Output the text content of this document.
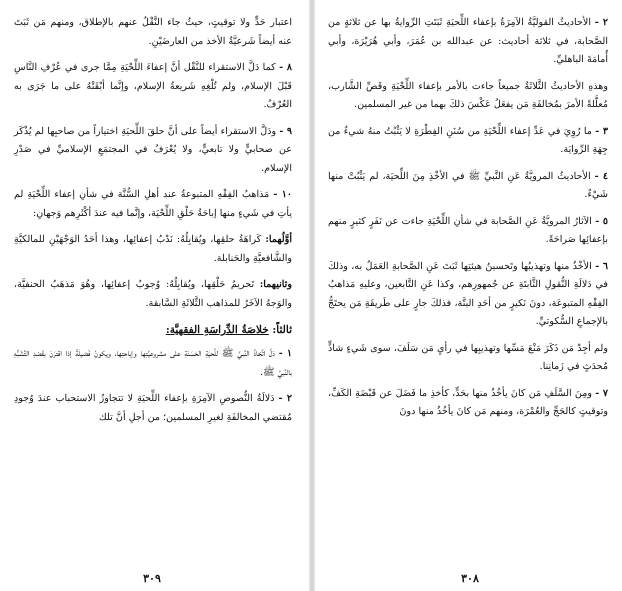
اعتبار حَدٍّ ولا توقيتٍ، حيثُ جاء النَّقْلُ عنهم بالإطلاق، ومنهم مَن ثَبَتَ عنه أيضاً شَرعيَّةُ الأخذ من العارضَيْنِ.

٨ - كما دَلَّ الاستقراء للنَّقْل أنَّ إعفاءَ اللِّحْيَةِ مِمَّا جرى في عُرْفِ النَّاسِ قَبْلَ الإسلام، ولم تُلْغِهِ شَريعةُ الإسلام، وإنَّما أبْقَتْهُ على ما جَرَى به العُرْفُ.

٩ - ودَلَّ الاستقراء أيضاً على أنَّ حلقَ اللِّحيَةِ اختياراً من صاحبِها لم يُذْكَر عن صحابيٍّ ولا تابعيٍّ، ولا يُعْرَفُ في المجتمَعِ الإسلاميِّ في صَدْرِ الإسلام.

١٠ - مَذاهبُ الفِقْهِ المتبوعةُ عند أهلِ السُّنَّة في شأنِ إعفاء اللِّحْيَةِ لم يأتِ في شَيءٍ منها إباحَةُ حَلْقِ اللِّحْيَة، وإنَّما فيه عندَ أكْثَرِهم وَجهانِ:

أوَّلُهما: كَراهَةُ حلقِها، ويُقابِلُهُ: نَدْبُ إعفائِها، وهذا أحَدُ الوَجْهَيْنِ للمالكيَّةِ والشَّافعيَّةِ والحَنابلة.

وثانيهما: تَحريمُ حَلْقِها، ويُقابِلُهُ: وُجوبُ إعفائِها، وهُوَ مَذهَبُ الحنفيَّة، والوَجهُ الآخَرُ للمذاهب الثَّلاثَةِ السَّابقة.

ثالثاً: خلاصَةُ الدِّراسَةِ الفقهيَّة:

١ - دَلَّ اتِّخاذُ النَّبيِّ ﷺ للِّحيَةِ الحَسَنَةِ على مشروعيَّتِها وإباحتِها، ويكونُ فَضيلَةً إذا اقترَنَ بقَصْدِ التَّشَبُّهِ بالنَّبيِّ ﷺ.

٢ - دَلالَةُ النُّصوصِ الآمِرَةِ بإعفاء اللِّحيَةِ لا تتجاوزُ الاستحباب عندَ وُجودِ مُقتضي المخالفَةِ لغيرِ المسلمين؛ من أجلِ أنَّ تلك

٣٠٩

٢ - الأحاديثُ القوليَّةُ الآمِرَةُ بإعفاء اللِّحيَةِ ثَبَتَتِ الرِّوايةُ بها عن ثلاثةٍ من الصَّحابة، في ثلاثة أحاديث: عن عبدالله بن عُمَرَ، وأبي هُرَيْرَة، وأبي أُمامَةَ الباهليِّ.

وهذهِ الأحاديثُ الثَّلاثَةُ جميعاً جاءت بالأمر بإعفاء اللِّحْيَةِ وقَصِّ الشَّارب، مُعلَّلةً الأمرَ بمُخالفَةِ مَن يفعَلُ عَكْسَ ذلكَ بهما من غير المسلمين.

٣ - ما رُوِيَ في عَدِّ إعفاء اللِّحْيَةِ من سُنَنِ الفِطْرَةِ لا يَثْبُتُ منهُ شيءٌ من جِهَةِ الرِّوايَة.

٤ - الأحاديثُ المرويَّةُ عَنِ النَّبيِّ ﷺ في الأخْذِ مِنَ اللِّحيَة، لم يَثْبُتْ منها شَيْءٌ.

٥ - الآثارُ المرويَّةُ عَنِ الصَّحابة في شأنِ اللِّحْيَةِ جاءت عن نَفَرٍ كثيرٍ منهم بإعفائِها صَراحَةً.

٦ - الأخْذُ منها وتهذيبُها وتَحسينُ هيئتِها ثَبَتَ عَنِ الصَّحابةِ العَمَلُ به، وذلكَ في دَلالَةِ النُّقولِ الثَّابتَةِ عن جُمهورِهم، وكذا عَنِ التَّابعين، وعليهِ مَذاهبُ الفِقْهِ المتبوعَة، دونَ نَكيرٍ من أحَدِ البتَّة، فذلكَ جارٍ على طَريقَةِ مَن يحتَجُّ بالإجماعِ السُّكوتيِّ.

ولم أجِدْ مَن ذَكَرَ مَنْعَ مَسِّها وتهذيبِها في رأيِ مَن سَلَفَ، سوى شَيءٍ شاذٍّ مُحدَثٍ في زَمانِنا.

٧ - ومِنَ السَّلَفِ مَن كانَ يأخُذُ منها بحَدٍّ، كأخذِ ما فَضَلَ عن قَبْضَةِ الكَفِّ، وتوقيتٍ كالحَجِّ والعُمْرَة، ومنهم مَن كانَ يأخُذُ منها دونَ

٣٠٨
